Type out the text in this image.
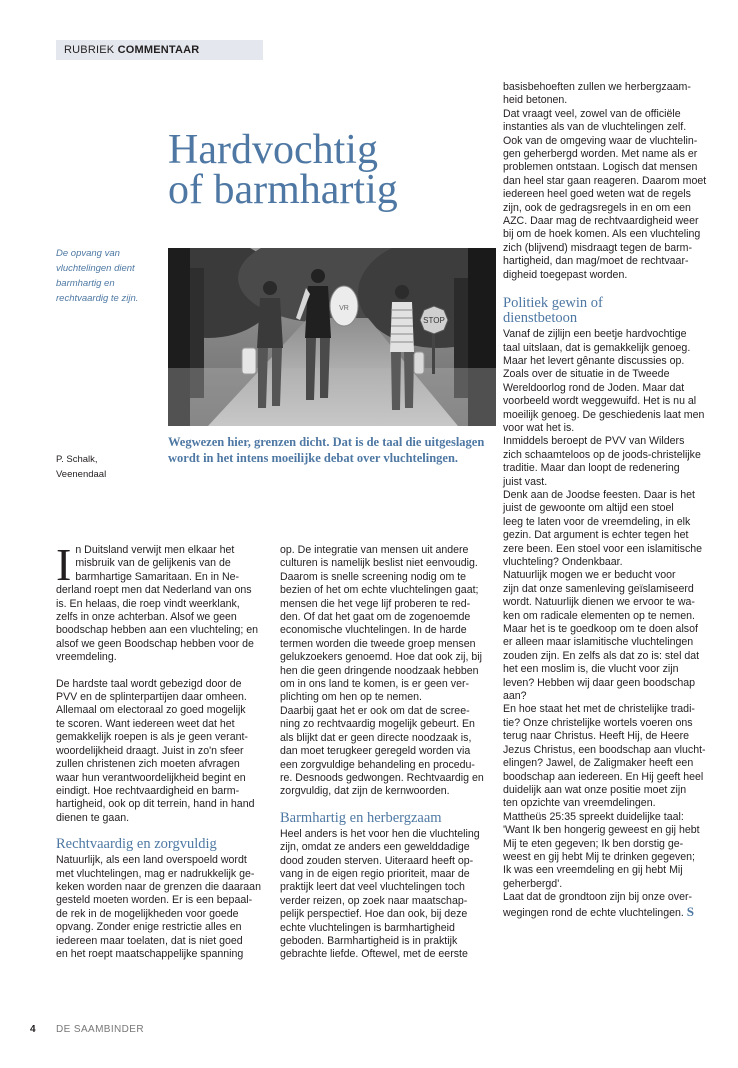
RUBRIEK COMMENTAAR
Hardvochtig
of barmhartig
De opvang van
vluchtelingen dient
barmhartig en
rechtvaardig te zijn.
STOP
VR
P. Schalk,
Veenendaal
Wegwezen hier, grenzen dicht. Dat is de taal die uitgeslagen wordt in het intens moeilijke debat over vluchtelingen.

In Duitsland verwijt men elkaar het
misbruik van de gelijkenis van de
barmhartige Samaritaan. En in Ne-
derland roept men dat Nederland van ons
is. En helaas, die roep vindt weerklank,
zelfs in onze achterban. Alsof we geen
boodschap hebben aan een vluchteling; en
alsof we geen Boodschap hebben voor de
vreemdeling.

De hardste taal wordt gebezigd door de
PVV en de splinterpartijen daar omheen.
Allemaal om electoraal zo goed mogelijk
te scoren. Want iedereen weet dat het
gemakkelijk roepen is als je geen verant-
woordelijkheid draagt. Juist in zo'n sfeer
zullen christenen zich moeten afvragen
waar hun verantwoordelijkheid begint en
eindigt. Hoe rechtvaardigheid en barm-
hartigheid, ook op dit terrein, hand in hand
dienen te gaan.

Rechtvaardig en zorgvuldig

Natuurlijk, als een land overspoeld wordt
met vluchtelingen, mag er nadrukkelijk ge-
keken worden naar de grenzen die daaraan
gesteld moeten worden. Er is een bepaal-
de rek in de mogelijkheden voor goede
opvang. Zonder enige restrictie alles en
iedereen maar toelaten, dat is niet goed
en het roept maatschappelijke spanning

op. De integratie van mensen uit andere
culturen is namelijk beslist niet eenvoudig.
Daarom is snelle screening nodig om te
bezien of het om echte vluchtelingen gaat;
mensen die het vege lijf proberen te red-
den. Of dat het gaat om de zogenoemde
economische vluchtelingen. In de harde
termen worden die tweede groep mensen
gelukzoekers genoemd. Hoe dat ook zij, bij
hen die geen dringende noodzaak hebben
om in ons land te komen, is er geen ver-
plichting om hen op te nemen.
Daarbij gaat het er ook om dat de scree-
ning zo rechtvaardig mogelijk gebeurt. En
als blijkt dat er geen directe noodzaak is,
dan moet terugkeer geregeld worden via
een zorgvuldige behandeling en procedu-
re. Desnoods gedwongen. Rechtvaardig en
zorgvuldig, dat zijn de kernwoorden.

Barmhartig en herbergzaam

Heel anders is het voor hen die vluchteling
zijn, omdat ze anders een gewelddadige
dood zouden sterven. Uiteraard heeft op-
vang in de eigen regio prioriteit, maar de
praktijk leert dat veel vluchtelingen toch
verder reizen, op zoek naar maatschap-
pelijk perspectief. Hoe dan ook, bij deze
echte vluchtelingen is barmhartigheid
geboden. Barmhartigheid is in praktijk
gebrachte liefde. Oftewel, met de eerste

basisbehoeften zullen we herbergzaam-
heid betonen.
Dat vraagt veel, zowel van de officiële
instanties als van de vluchtelingen zelf.
Ook van de omgeving waar de vluchtelin-
gen geherbergd worden. Met name als er
problemen ontstaan. Logisch dat mensen
dan heel star gaan reageren. Daarom moet
iedereen heel goed weten wat de regels
zijn, ook de gedragsregels in en om een
AZC. Daar mag de rechtvaardigheid weer
bij om de hoek komen. Als een vluchteling
zich (blijvend) misdraagt tegen de barm-
hartigheid, dan mag/moet de rechtvaar-
digheid toegepast worden.

Politiek gewin of
dienstbetoon

Vanaf de zijlijn een beetje hardvochtige
taal uitslaan, dat is gemakkelijk genoeg.
Maar het levert gênante discussies op.
Zoals over de situatie in de Tweede
Wereldoorlog rond de Joden. Maar dat
voorbeeld wordt weggewuifd. Het is nu al
moeilijk genoeg. De geschiedenis laat men
voor wat het is.
Inmiddels beroept de PVV van Wilders
zich schaamteloos op de joods-christelijke
traditie. Maar dan loopt de redenering
juist vast.
Denk aan de Joodse feesten. Daar is het
juist de gewoonte om altijd een stoel
leeg te laten voor de vreemdeling, in elk
gezin. Dat argument is echter tegen het
zere been. Een stoel voor een islamitische
vluchteling? Ondenkbaar.
Natuurlijk mogen we er beducht voor
zijn dat onze samenleving geïslamiseerd
wordt. Natuurlijk dienen we ervoor te wa-
ken om radicale elementen op te nemen.
Maar het is te goedkoop om te doen alsof
er alleen maar islamitische vluchtelingen
zouden zijn. En zelfs als dat zo is: stel dat
het een moslim is, die vlucht voor zijn
leven? Hebben wij daar geen boodschap
aan?
En hoe staat het met de christelijke tradi-
tie? Onze christelijke wortels voeren ons
terug naar Christus. Heeft Hij, de Heere
Jezus Christus, een boodschap aan vlucht-
elingen? Jawel, de Zaligmaker heeft een
boodschap aan iedereen. En Hij geeft heel
duidelijk aan wat onze positie moet zijn
ten opzichte van vreemdelingen.
Mattheüs 25:35 spreekt duidelijke taal:
'Want Ik ben hongerig geweest en gij hebt
Mij te eten gegeven; Ik ben dorstig ge-
weest en gij hebt Mij te drinken gegeven;
Ik was een vreemdeling en gij hebt Mij
geherbergd'.
Laat dat de grondtoon zijn bij onze over-
wegingen rond de echte vluchtelingen. S

4 DE SAAMBINDER
